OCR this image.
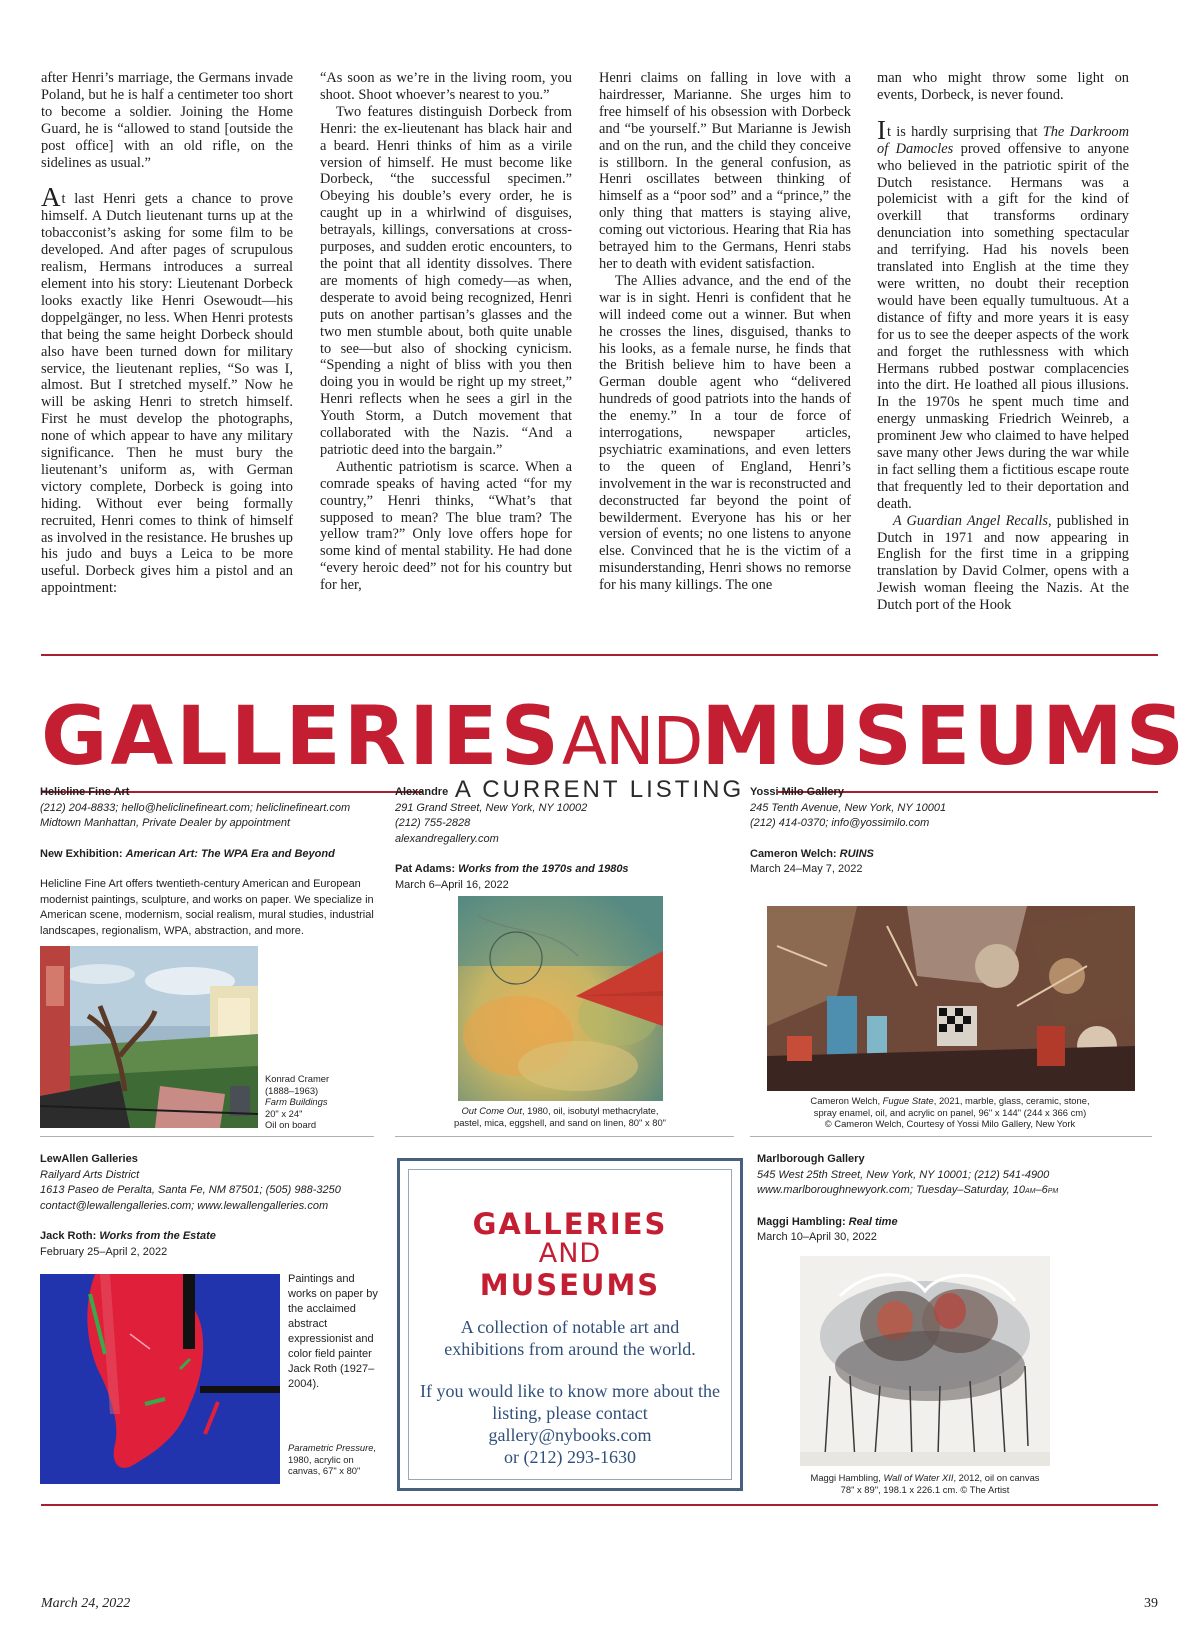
after Henri’s marriage, the Germans invade Poland, but he is half a centimeter too short to become a soldier. Joining the Home Guard, he is “allowed to stand [outside the post office] with an old rifle, on the sidelines as usual.”

At last Henri gets a chance to prove himself. A Dutch lieutenant turns up at the tobacconist’s asking for some film to be developed. And after pages of scrupulous realism, Hermans introduces a surreal element into his story: Lieutenant Dorbeck looks exactly like Henri Osewoudt—his doppelgänger, no less. When Henri protests that being the same height Dorbeck should also have been turned down for military service, the lieutenant replies, “So was I, almost. But I stretched myself.” Now he will be asking Henri to stretch himself. First he must develop the photographs, none of which appear to have any military significance. Then he must bury the lieutenant’s uniform as, with German victory complete, Dorbeck is going into hiding. Without ever being formally recruited, Henri comes to think of himself as involved in the resistance. He brushes up his judo and buys a Leica to be more useful. Dorbeck gives him a pistol and an appointment:

“As soon as we’re in the living room, you shoot. Shoot whoever’s nearest to you.”

Two features distinguish Dorbeck from Henri: the ex-lieutenant has black hair and a beard. Henri thinks of him as a virile version of himself. He must become like Dorbeck, “the successful specimen.” Obeying his double’s every order, he is caught up in a whirlwind of disguises, betrayals, killings, conversations at cross-purposes, and sudden erotic encounters, to the point that all identity dissolves. There are moments of high comedy—as when, desperate to avoid being recognized, Henri puts on another partisan’s glasses and the two men stumble about, both quite unable to see—but also of shocking cynicism. “Spending a night of bliss with you then doing you in would be right up my street,” Henri reflects when he sees a girl in the Youth Storm, a Dutch movement that collaborated with the Nazis. “And a patriotic deed into the bargain.”

Authentic patriotism is scarce. When a comrade speaks of having acted “for my country,” Henri thinks, “What’s that supposed to mean? The blue tram? The yellow tram?” Only love offers hope for some kind of mental stability. He had done “every heroic deed” not for his country but for her,

Henri claims on falling in love with a hairdresser, Marianne. She urges him to free himself of his obsession with Dorbeck and “be yourself.” But Marianne is Jewish and on the run, and the child they conceive is stillborn. In the general confusion, as Henri oscillates between thinking of himself as a “poor sod” and a “prince,” the only thing that matters is staying alive, coming out victorious. Hearing that Ria has betrayed him to the Germans, Henri stabs her to death with evident satisfaction.

The Allies advance, and the end of the war is in sight. Henri is confident that he will indeed come out a winner. But when he crosses the lines, disguised, thanks to his looks, as a female nurse, he finds that the British believe him to have been a German double agent who “delivered hundreds of good patriots into the hands of the enemy.” In a tour de force of interrogations, newspaper articles, psychiatric examinations, and even letters to the queen of England, Henri’s involvement in the war is reconstructed and deconstructed far beyond the point of bewilderment. Everyone has his or her version of events; no one listens to anyone else. Convinced that he is the victim of a misunderstanding, Henri shows no remorse for his many killings. The one

man who might throw some light on events, Dorbeck, is never found.

It is hardly surprising that The Darkroom of Damocles proved offensive to anyone who believed in the patriotic spirit of the Dutch resistance. Hermans was a polemicist with a gift for the kind of overkill that transforms ordinary denunciation into something spectacular and terrifying. Had his novels been translated into English at the time they were written, no doubt their reception would have been equally tumultuous. At a distance of fifty and more years it is easy for us to see the deeper aspects of the work and forget the ruthlessness with which Hermans rubbed postwar complacencies into the dirt. He loathed all pious illusions. In the 1970s he spent much time and energy unmasking Friedrich Weinreb, a prominent Jew who claimed to have helped save many other Jews during the war while in fact selling them a fictitious escape route that frequently led to their deportation and death.

A Guardian Angel Recalls, published in Dutch in 1971 and now appearing in English for the first time in a gripping translation by David Colmer, opens with a Jewish woman fleeing the Nazis. At the Dutch port of the Hook

GALLERIESANDMUSEUMS
A CURRENT LISTING
Helicline Fine Art
(212) 204-8833; hello@heliclinefineart.com; heliclinefineart.com
Midtown Manhattan, Private Dealer by appointment
New Exhibition: American Art: The WPA Era and Beyond
Helicline Fine Art offers twentieth-century American and European modernist paintings, sculpture, and works on paper. We specialize in American scene, modernism, social realism, mural studies, industrial landscapes, regionalism, WPA, abstraction, and more.
Konrad Cramer
(1888–1963)
Farm Buildings
20" x 24"
Oil on board
Alexandre
291 Grand Street, New York, NY 10002
(212) 755-2828
alexandregallery.com
Pat Adams: Works from the 1970s and 1980s
March 6–April 16, 2022
Out Come Out, 1980, oil, isobutyl methacrylate,
pastel, mica, eggshell, and sand on linen, 80" x 80"
Yossi Milo Gallery
245 Tenth Avenue, New York, NY 10001
(212) 414-0370; info@yossimilo.com
Cameron Welch: RUINS
March 24–May 7, 2022
Cameron Welch, Fugue State, 2021, marble, glass, ceramic, stone,
spray enamel, oil, and acrylic on panel, 96" x 144" (244 x 366 cm)
© Cameron Welch, Courtesy of Yossi Milo Gallery, New York
LewAllen Galleries
Railyard Arts District
1613 Paseo de Peralta, Santa Fe, NM 87501; (505) 988-3250
contact@lewallengalleries.com; www.lewallengalleries.com
Jack Roth: Works from the Estate
February 25–April 2, 2022
Paintings and works on paper by the acclaimed abstract expressionist and color field painter Jack Roth (1927–2004).
Parametric Pressure,
1980, acrylic on
canvas, 67" x 80"
GALLERIES
AND
MUSEUMS
A collection of notable art and
exhibitions from around the world.
If you would like to know more about the
listing, please contact
gallery@nybooks.com
or (212) 293-1630
Marlborough Gallery
545 West 25th Street, New York, NY 10001; (212) 541-4900
www.marlboroughnewyork.com; Tuesday–Saturday, 10AM–6PM
Maggi Hambling: Real time
March 10–April 30, 2022
Maggi Hambling, Wall of Water XII, 2012, oil on canvas
78" x 89", 198.1 x 226.1 cm. © The Artist
March 24, 2022	39
